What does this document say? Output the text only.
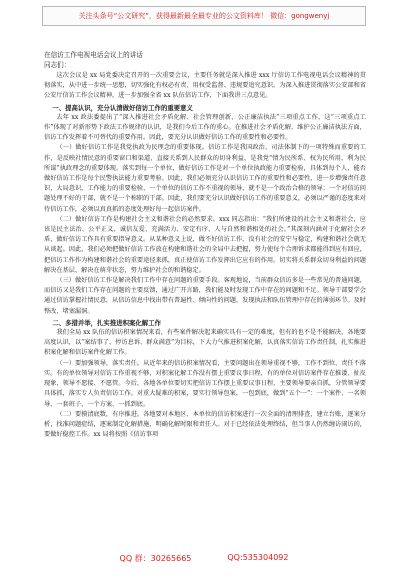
关注头条号“公文研究”，获得最新最全最专业的公文资料库！ 微信：gongwenyj
在信访工作电视电话会议上的讲话
同志们：

这次会议是 xx 局党委决定召开的一次重要会议，主要任务就是深入推进 xxx 厅信访工作电视电话会议精神的贯彻落实，从中进一步统一思想，切实强化有权必有责、用权受监督、违规要追究意识。为深入推进贯彻落实公安部和省公安厅信访工作会议精神，进一步加强全省 xx 队伍信访工作，下面我讲三点意见。

一、提高认识，充分认清做好信访工作的重要意义

去年 xx 政法委提出了“深入推进社会矛盾化解、社会管理创新、公正廉洁执法”三项重点工作，这“三项重点工作”体现了对新形势下政法工作规律的认识，是我们今后工作的重心。在推进社会矛盾化解、维护公正廉洁执法方面，信访工作发挥着不可替代的重要作用。因此，要充分认识做好信访工作的重要性和必要性。

（一）做好信访工作是我党执政为民理念的重要体现。信访工作是我国政治、司法体制下的一项特殊而重要的工作，是反映社情民意的重要窗口和渠道，直接关系到人民群众的切身利益，是我党“情为民所系、权为民所用、利为民所谋”执政理念的重要体现。落实到每一个单位，做好信访工作是对一个单位执政能力重要检验，具体到每个人，能否做好信访工作是每个民警执法能力重要考验。因此，我们必须充分认识信访工作的重要性和必要性，进一步增强责任意识，大局意识，工作能力的重要检验，一个单位的信访工作不重视的领导，就不是一个政治合格的领导；一个对信访问题处理不好的干部，就不是一个称职的干部。因此，我们要充分认识做好信访工作的重要意义，必须以严谨的态度来对待信访工作，必须以真真抓的态度处理好每一起信访案件。

（二）做好信访工作是构建社会主义和谐社会的必然要求。xxx 同志指出：“我们所建设的社会主义和谐社会，应该是民主法治、公平正义、诚信友爱、充满活力、安定有序、人与自然和谐相处的社会。”其深刻内涵对于化解社会矛盾，做好信访工作具有重要指导意义。从某种意义上说，做不好信访工作，没有社会的安宁与稳定，构建和谐社会就无从谈起。因此，我们必须把做好信访工作放在构建和谐社会的全局中去把握，努力使每个合理诉求都能得到应有回应，把信访工作作为构建和谐社会的重要途径来抓，真正使信访工作发挥出它应有的作用。切实将关系群众切身利益的问题解决在基层、解决在萌芽状态，努力维护社会的和谐稳定。

（三）做好信访工作是解决我们工作中存在问题的重要手段。客观地说，当前群众信访多是一些常见的普通问题，而信访又是我们工作存在问题的主要反馈，通过广开言路，我们能及时发现工作中存在的问题和不足。领导干部要学会通过信访掌握社情民意，从信访信息中找出带有普遍性、倾向性的问题，发现执法和队伍管理中存在的薄弱环节。及时整改，堵塞漏洞。

二、多措并举，扎实推进积案化解工作

我们全局 xx 队伍的信访积案情况来看，有些案件解决起来确实具有一定的难度，但有的也不是不能解决，各地要高度认识，以“案结事了、停访息诉、群众满意”为目标，下大力气推进积案化解，认真落实信访工作责任制，扎实推进积案化解和信访案件化解工作。

（一）要加强领导，落实责任。从近年来的信访积案情况看，主要问题出在领导重视不够，工作不到位、责任不落实。有的单位领导对信访工作重视不够，对积案化解工作没有摆上重要议事日程，有的单位对信访案件存在推诿、扯皮现象，领导不愿接、不愿管。今后，各地各单位要切实把信访工作摆上重要议事日程，主要领导要亲自抓，分管领导要具体抓，落实专人负责信访工作。对重大疑难的积案，要实行领导包案，一包到底，做到“五个一”：一个案件、一名领导、一套班子、一个方案、一抓到底。

（二）要摸清底数，有序推进。各地要对本地区、本单位的信访积案进行一次全面的清理排查，建立台账，逐案分析，找准问题症结，逐案制定化解措施，明确化解时限和责任人。对于已经依法处理终结，但当事人仍然缠访闹访的，要做好稳控工作。xx 局将按照《信访事项

QQ 群：30265665	QQ:535304092
